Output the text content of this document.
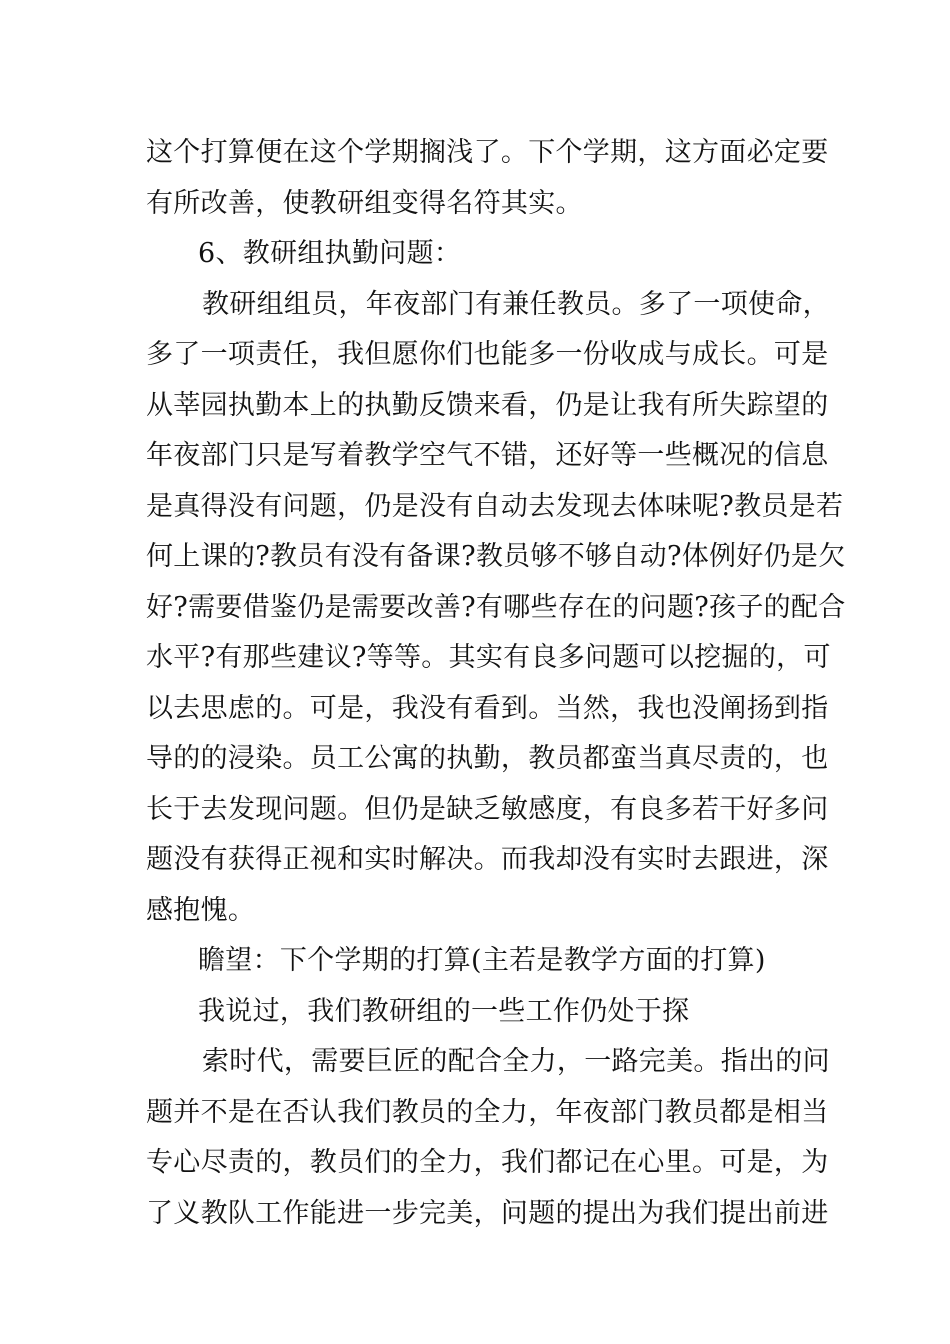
这个打算便在这个学期搁浅了。下个学期，这方面必定要
有所改善，使教研组变得名符其实。
6、教研组执勤问题：
教研组组员，年夜部门有兼任教员。多了一项使命，
多了一项责任，我但愿你们也能多一份收成与成长。可是
从莘园执勤本上的执勤反馈来看，仍是让我有所失踪望的
年夜部门只是写着教学空气不错，还好等一些概况的信息
是真得没有问题，仍是没有自动去发现去体味呢?教员是若
何上课的?教员有没有备课?教员够不够自动?体例好仍是欠
好?需要借鉴仍是需要改善?有哪些存在的问题?孩子的配合
水平?有那些建议?等等。其实有良多问题可以挖掘的，可
以去思虑的。可是，我没有看到。当然，我也没阐扬到指
导的的浸染。员工公寓的执勤，教员都蛮当真尽责的，也
长于去发现问题。但仍是缺乏敏感度，有良多若干好多问
题没有获得正视和实时解决。而我却没有实时去跟进，深
感抱愧。
瞻望：下个学期的打算(主若是教学方面的打算)
我说过，我们教研组的一些工作仍处于探
索时代，需要巨匠的配合全力，一路完美。指出的问
题并不是在否认我们教员的全力，年夜部门教员都是相当
专心尽责的，教员们的全力，我们都记在心里。可是，为
了义教队工作能进一步完美，问题的提出为我们提出前进
